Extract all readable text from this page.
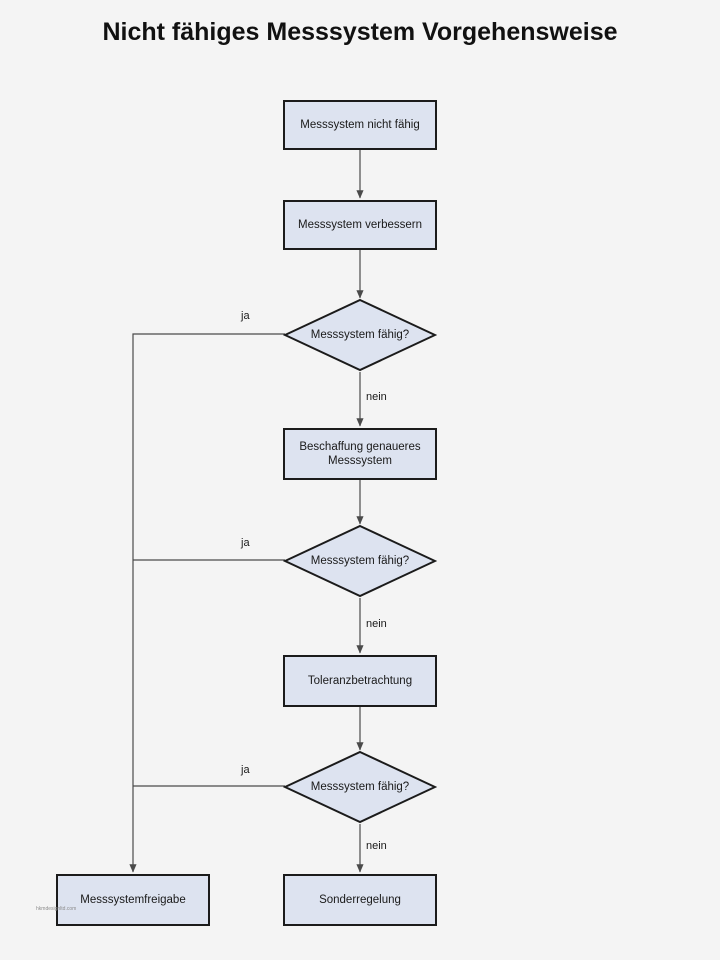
Nicht fähiges Messsystem Vorgehensweise
Messsystem nicht fähig
Messsystem verbessern
Beschaffung genaueres Messsystem
Toleranzbetrachtung
Messsystemfreigabe	Sonderregelung
Messsystem fähig?
Messsystem fähig?
Messsystem fähig?
ja
nein
ja
nein
ja
nein
hkmdesignltd.com
